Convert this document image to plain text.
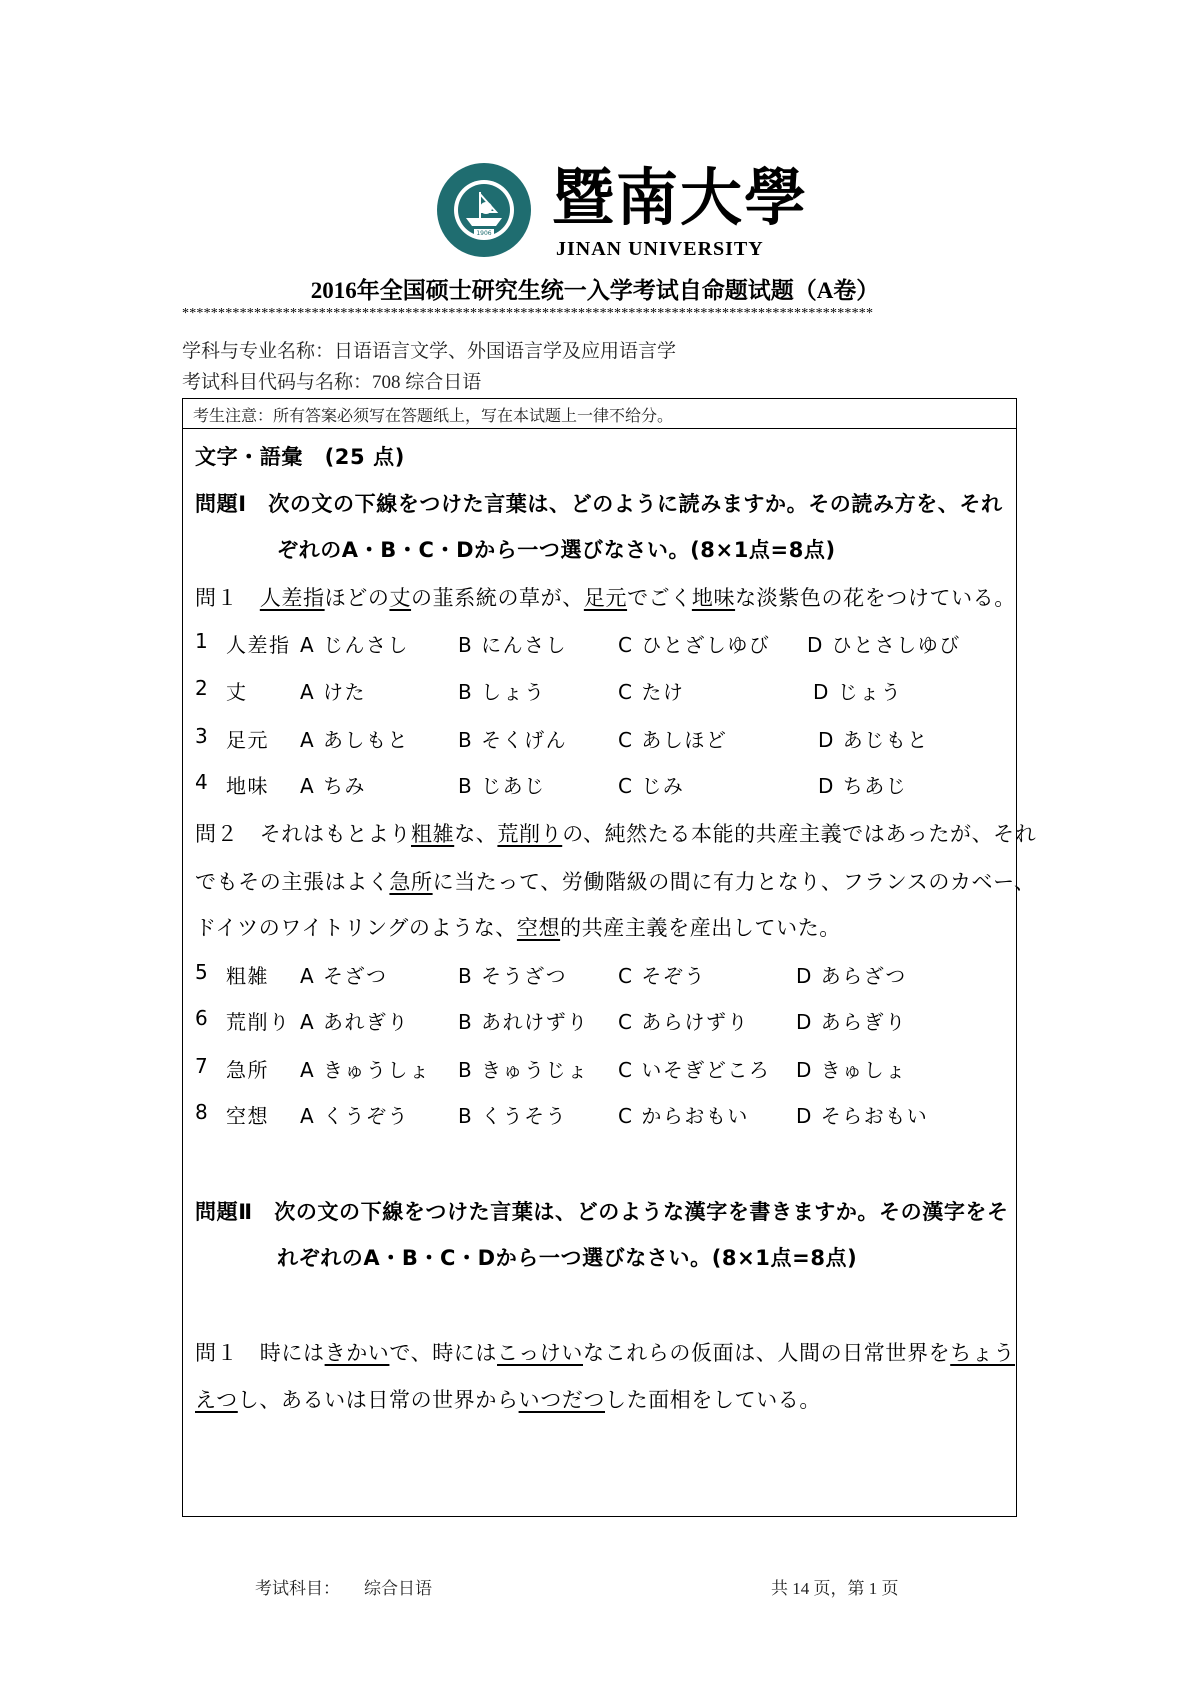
1906 暨南大學
JINAN UNIVERSITY
2016年全国硕士研究生统一入学考试自命题试题（A卷）
************************************************************************************************
学科与专业名称：日语语言文学、外国语言学及应用语言学
考试科目代码与名称：708 综合日语
考生注意：所有答案必须写在答题纸上，写在本试题上一律不给分。
文字・語彙　(25 点)
問題Ⅰ　次の文の下線をつけた言葉は、どのように読みますか。その読み方を、それ
ぞれのA・B・C・Dから一つ選びなさい。(8×1点=8点)
問１　人差指ほどの丈の韮系統の草が、足元でごく地味な淡紫色の花をつけている。
1 人差指 A じんさし B にんさし	C ひとざしゆび D ひとさしゆび
2 丈	A けた	B しょう	C たけ	D じょう
3 足元 A あしもと B そくげん	C あしほど	D あじもと
4 地味 A ちみ	B じあじ	C じみ	D ちあじ
問２　それはもとより粗雑な、荒削りの、純然たる本能的共産主義ではあったが、それ
でもその主張はよく急所に当たって、労働階級の間に有力となり、フランスのカベー、
ドイツのワイトリングのような、空想的共産主義を産出していた。
5 粗雑 A そざつ	B そうざつ	C そぞう	D あらざつ
6 荒削り A あれぎり B あれけずり C あらけずり D あらぎり
7 急所 A きゅうしょ B きゅうじょ C いそぎどころ D きゅしょ
8 空想 A くうぞう B くうそう	C からおもい D そらおもい
問題Ⅱ　次の文の下線をつけた言葉は、どのような漢字を書きますか。その漢字をそ
れぞれのA・B・C・Dから一つ選びなさい。(8×1点=8点)
問１　時にはきかいで、時にはこっけいなこれらの仮面は、人間の日常世界をちょう
えつし、あるいは日常の世界からいつだつした面相をしている。
考试科目： 综合日语	共 14 页，第 1 页
